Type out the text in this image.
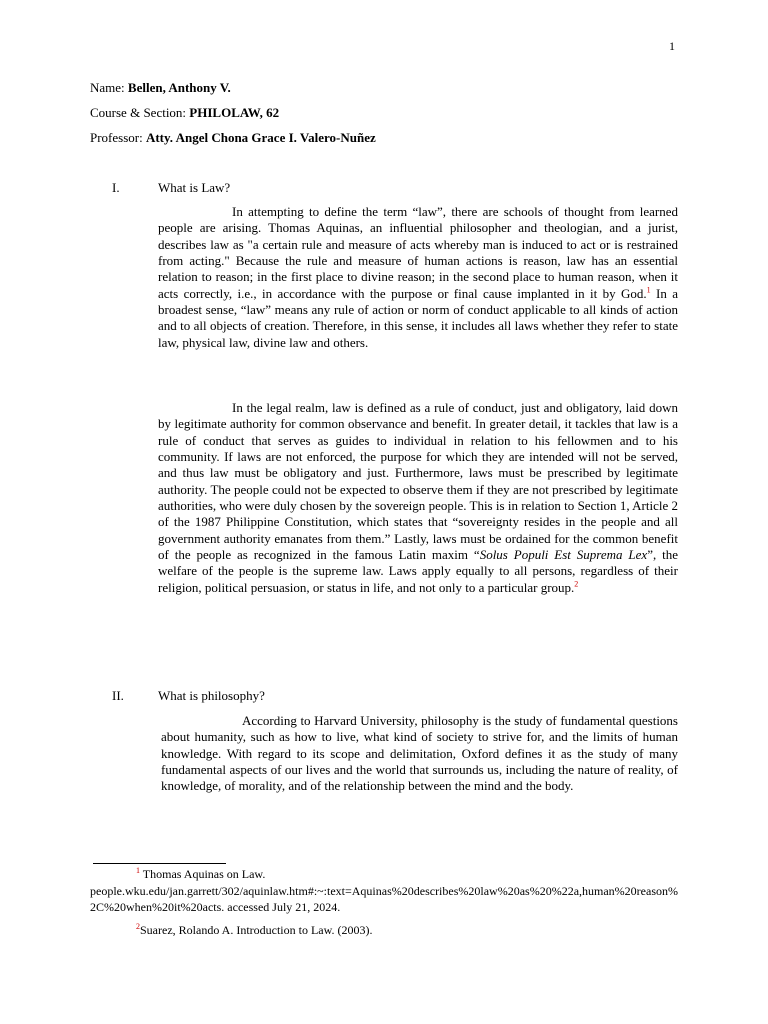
1
Name: Bellen, Anthony V.
Course & Section: PHILOLAW, 62
Professor: Atty. Angel Chona Grace I. Valero-Nuñez
I.	What is Law?

In attempting to define the term “law”, there are schools of thought from learned people are arising. Thomas Aquinas, an influential philosopher and theologian, and a jurist, describes law as "a certain rule and measure of acts whereby man is induced to act or is restrained from acting." Because the rule and measure of human actions is reason, law has an essential relation to reason; in the first place to divine reason; in the second place to human reason, when it acts correctly, i.e., in accordance with the purpose or final cause implanted in it by God.$^1$ In a broadest sense, “law” means any rule of action or norm of conduct applicable to all kinds of action and to all objects of creation. Therefore, in this sense, it includes all laws whether they refer to state law, physical law, divine law and others.

In the legal realm, law is defined as a rule of conduct, just and obligatory, laid down by legitimate authority for common observance and benefit. In greater detail, it tackles that law is a rule of conduct that serves as guides to individual in relation to his fellowmen and to his community. If laws are not enforced, the purpose for which they are intended will not be served, and thus law must be obligatory and just. Furthermore, laws must be prescribed by legitimate authority. The people could not be expected to observe them if they are not prescribed by legitimate authorities, who were duly chosen by the sovereign people. This is in relation to Section 1, Article 2 of the 1987 Philippine Constitution, which states that “sovereignty resides in the people and all government authority emanates from them.” Lastly, laws must be ordained for the common benefit of the people as recognized in the famous Latin maxim “Solus Populi Est Suprema Lex”, the welfare of the people is the supreme law. Laws apply equally to all persons, regardless of their religion, political persuasion, or status in life, and not only to a particular group.$^2$

II.	What is philosophy?

According to Harvard University, philosophy is the study of fundamental questions about humanity, such as how to live, what kind of society to strive for, and the limits of human knowledge. With regard to its scope and delimitation, Oxford defines it as the study of many fundamental aspects of our lives and the world that surrounds us, including the nature of reality, of knowledge, of morality, and of the relationship between the mind and the body.

$^1$ Thomas Aquinas on Law.
people.wku.edu/jan.garrett/302/aquinlaw.htm#:~:text=Aquinas%20describes%20law%20as%20%22a,human%20reason%2C%20when%20it%20acts. accessed July 21, 2024.
$^2$Suarez, Rolando A. Introduction to Law. (2003).
